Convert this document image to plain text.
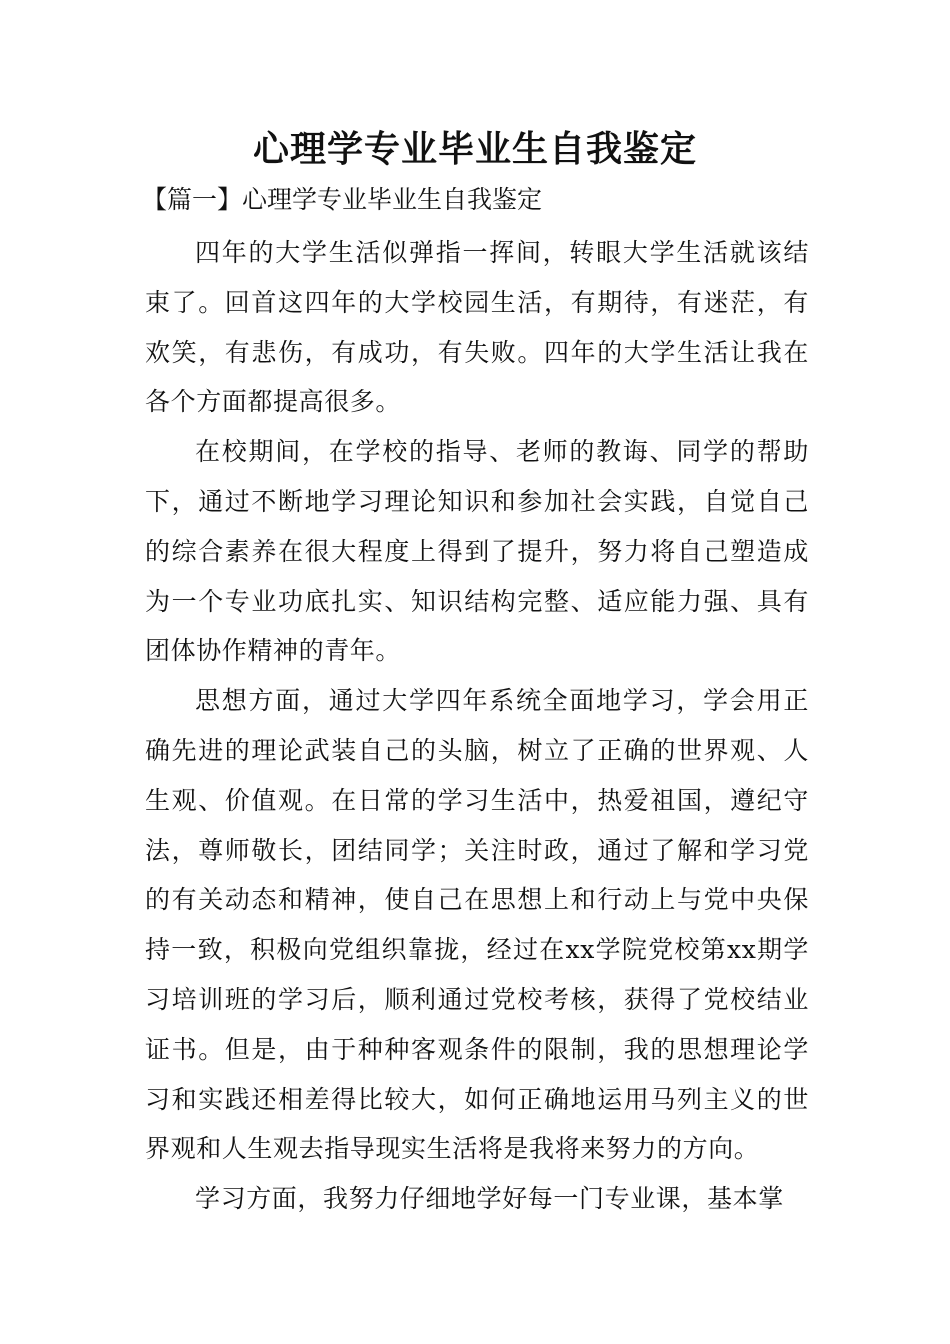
心理学专业毕业生自我鉴定
【篇一】心理学专业毕业生自我鉴定

四年的大学生活似弹指一挥间，转眼大学生活就该结束了。回首这四年的大学校园生活，有期待，有迷茫，有欢笑，有悲伤，有成功，有失败。四年的大学生活让我在各个方面都提高很多。

在校期间，在学校的指导、老师的教诲、同学的帮助下，通过不断地学习理论知识和参加社会实践，自觉自己的综合素养在很大程度上得到了提升，努力将自己塑造成为一个专业功底扎实、知识结构完整、适应能力强、具有团体协作精神的青年。

思想方面，通过大学四年系统全面地学习，学会用正确先进的理论武装自己的头脑，树立了正确的世界观、人生观、价值观。在日常的学习生活中，热爱祖国，遵纪守法，尊师敬长，团结同学；关注时政，通过了解和学习党的有关动态和精神，使自己在思想上和行动上与党中央保持一致，积极向党组织靠拢，经过在xx学院党校第xx期学习培训班的学习后，顺利通过党校考核，获得了党校结业证书。但是，由于种种客观条件的限制，我的思想理论学习和实践还相差得比较大，如何正确地运用马列主义的世界观和人生观去指导现实生活将是我将来努力的方向。

学习方面，我努力仔细地学好每一门专业课，基本掌
